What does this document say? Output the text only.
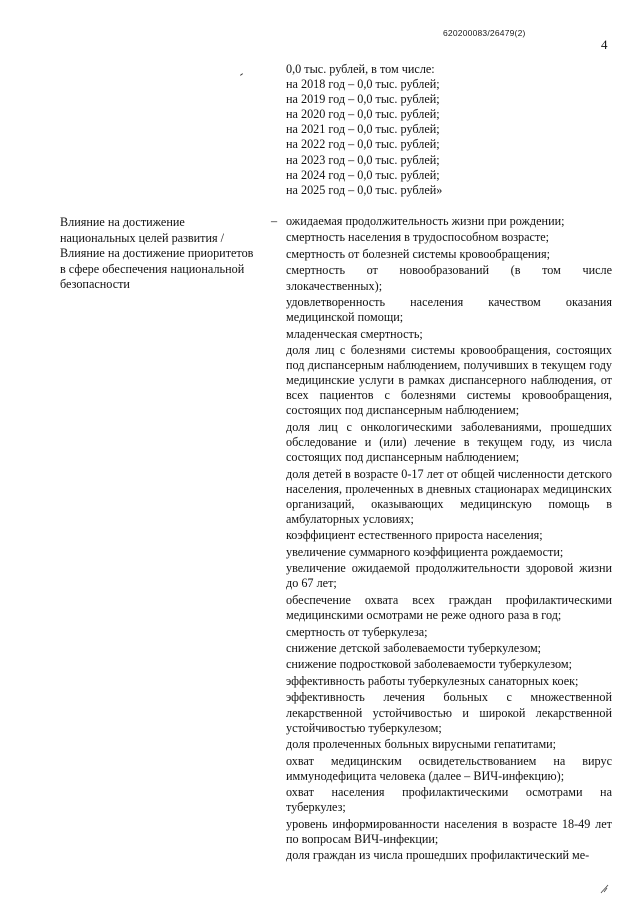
620200083/26479(2)
4
0,0 тыс. рублей, в том числе:
на 2018 год – 0,0 тыс. рублей;
на 2019 год – 0,0 тыс. рублей;
на 2020 год – 0,0 тыс. рублей;
на 2021 год – 0,0 тыс. рублей;
на 2022 год – 0,0 тыс. рублей;
на 2023 год – 0,0 тыс. рублей;
на 2024 год – 0,0 тыс. рублей;
на 2025 год – 0,0 тыс. рублей»
Влияние на достижение национальных целей развития / Влияние на достижение приоритетов в сфере обеспечения национальной безопасности
– ожидаемая продолжительность жизни при рождении;
смертность населения в трудоспособном возрасте;
смертность от болезней системы кровообращения;
смертность от новообразований (в том числе злокачественных);
удовлетворенность населения качеством оказания медицинской помощи;
младенческая смертность;
доля лиц с болезнями системы кровообращения, состоящих под диспансерным наблюдением, получивших в текущем году медицинские услуги в рамках диспансерного наблюдения, от всех пациентов с болезнями системы кровообращения, состоящих под диспансерным наблюдением;
доля лиц с онкологическими заболеваниями, прошедших обследование и (или) лечение в текущем году, из числа состоящих под диспансерным наблюдением;
доля детей в возрасте 0-17 лет от общей численности детского населения, пролеченных в дневных стационарах медицинских организаций, оказывающих медицинскую помощь в амбулаторных условиях;
коэффициент естественного прироста населения;
увеличение суммарного коэффициента рождаемости;
увеличение ожидаемой продолжительности здоровой жизни до 67 лет;
обеспечение охвата всех граждан профилактическими медицинскими осмотрами не реже одного раза в год;
смертность от туберкулеза;
снижение детской заболеваемости туберкулезом;
снижение подростковой заболеваемости туберкулезом;
эффективность работы туберкулезных санаторных коек;
эффективность лечения больных с множественной лекарственной устойчивостью и широкой лекарственной устойчивостью туберкулезом;
доля пролеченных больных вирусными гепатитами;
охват медицинским освидетельствованием на вирус иммунодефицита человека (далее – ВИЧ-инфекцию);
охват населения профилактическими осмотрами на туберкулез;
уровень информированности населения в возрасте 18-49 лет по вопросам ВИЧ-инфекции;
доля граждан из числа прошедших профилактический ме-
